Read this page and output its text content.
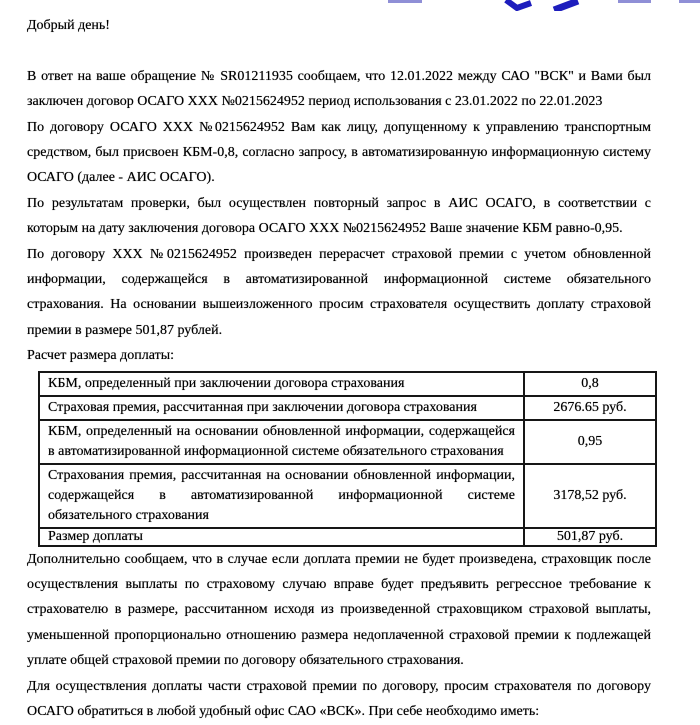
Добрый день!

В ответ на ваше обращение № SR01211935 сообщаем, что 12.01.2022 между САО "ВСК" и Вами был заключен договор ОСАГО ХХХ №0215624952 период использования с 23.01.2022 по 22.01.2023

По договору ОСАГО ХХХ №0215624952 Вам как лицу, допущенному к управлению транспортным средством, был присвоен КБМ-0,8, согласно запросу, в автоматизированную информационную систему ОСАГО (далее - АИС ОСАГО).

По результатам проверки, был осуществлен повторный запрос в АИС ОСАГО, в соответствии с которым на дату заключения договора ОСАГО ХХХ №0215624952 Ваше значение КБМ равно-0,95.

По договору ХХХ №0215624952 произведен перерасчет страховой премии с учетом обновленной информации, содержащейся в автоматизированной информационной системе обязательного страхования. На основании вышеизложенного просим страхователя осуществить доплату страховой премии в размере 501,87 рублей.

Расчет размера доплаты:

КБМ, определенный при заключении договора страхования	0,8
Страховая премия, рассчитанная при заключении договора страхования	2676.65 руб.
КБМ, определенный на основании обновленной информации, содержащейся в автоматизированной информационной системе обязательного страхования	0,95
Страхования премия, рассчитанная на основании обновленной информации, содержащейся в автоматизированной информационной системе обязательного страхования	3178,52 руб.
Размер доплаты	501,87 руб.

Дополнительно сообщаем, что в случае если доплата премии не будет произведена, страховщик после осуществления выплаты по страховому случаю вправе будет предъявить регрессное требование к страхователю в размере, рассчитанном исходя из произведенной страховщиком страховой выплаты, уменьшенной пропорционально отношению размера недоплаченной страховой премии к подлежащей уплате общей страховой премии по договору обязательного страхования.

Для осуществления доплаты части страховой премии по договору, просим страхователя по договору ОСАГО обратиться в любой удобный офис САО «ВСК». При себе необходимо иметь:
